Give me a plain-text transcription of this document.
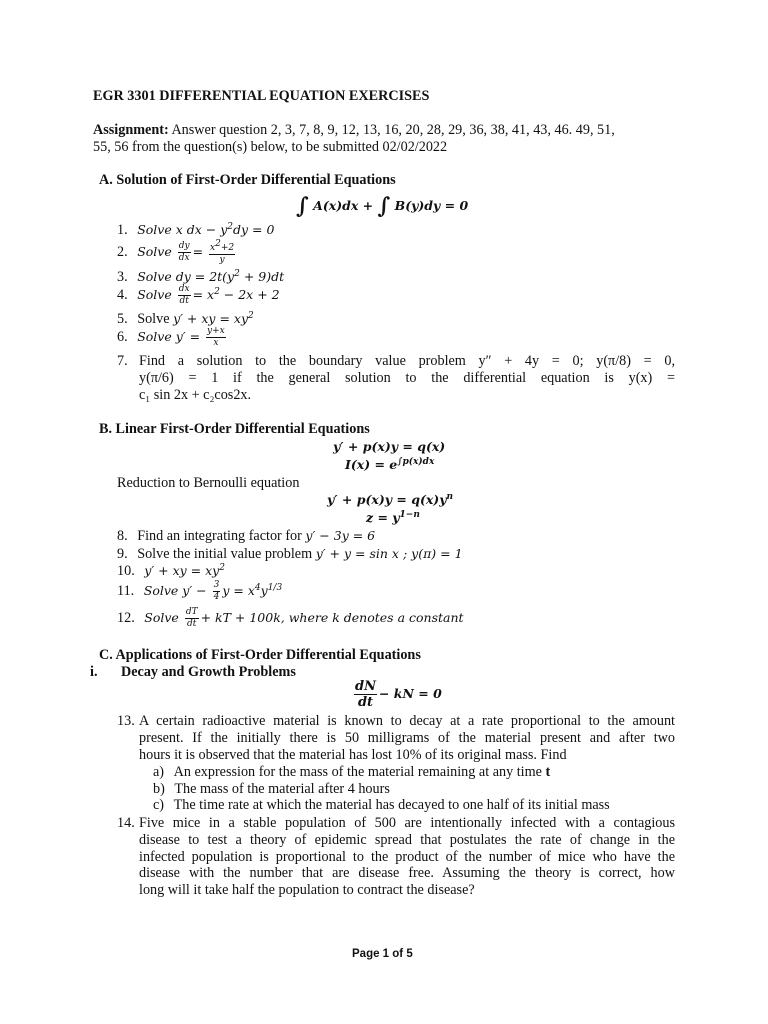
EGR 3301 DIFFERENTIAL EQUATION EXERCISES
Assignment: Answer question 2, 3, 7, 8, 9, 12, 13, 16, 20, 28, 29, 36, 38, 41, 43, 46. 49, 51,
55, 56 from the question(s) below, to be submitted 02/02/2022
A. Solution of First-Order Differential Equations
∫ A(x)dx + ∫ B(y)dy = 0
1. Solve x dx − $y^2dy = 0$
2. Solve $\frac{dy}{dx} = \frac{x^2+2}{y}$
3. Solve dy = $2t(y^2 + 9)dt$
4. Solve $\frac{dx}{dt} = x^2 - 2x + 2$
5. Solve y′ + xy = $xy^2$
6. Solve $y' = \frac{y+x}{x}$
7. Find a solution to the boundary value problem y″ + 4y = 0; y(π/8) = 0,
y(π/6) = 1 if the general solution to the differential equation is y(x) =
c₁ sin 2x + c₂cos2x.
B. Linear First-Order Differential Equations
y′ + p(x)y = q(x)
$I(x) = e^{\int p(x)dx}$
Reduction to Bernoulli equation
$y' + p(x)y = q(x)y^n$
$z = y^{1-n}$
8. Find an integrating factor for y′ − 3y = 6
9. Solve the initial value problem y′ + y = sin x ; y(π) = 1
10. y′ + xy = $xy^2$
11. Solve $y' - \frac{3}{4}$ $y = x^4y^{1/3}$
12. Solve $\frac{dT}{dt}$ + kT + 100k, where k denotes a constant
C. Applications of First-Order Differential Equations
i. Decay and Growth Problems
$\frac{dN}{dt}$ − kN = 0
13. A certain radioactive material is known to decay at a rate proportional to the amount
present. If the initially there is 50 milligrams of the material present and after two
hours it is observed that the material has lost 10% of its original mass. Find
a) An expression for the mass of the material remaining at any time t
b) The mass of the material after 4 hours
c) The time rate at which the material has decayed to one half of its initial mass
14. Five mice in a stable population of 500 are intentionally infected with a contagious
disease to test a theory of epidemic spread that postulates the rate of change in the
infected population is proportional to the product of the number of mice who have the
disease with the number that are disease free. Assuming the theory is correct, how
long will it take half the population to contract the disease?
Page 1 of 5
